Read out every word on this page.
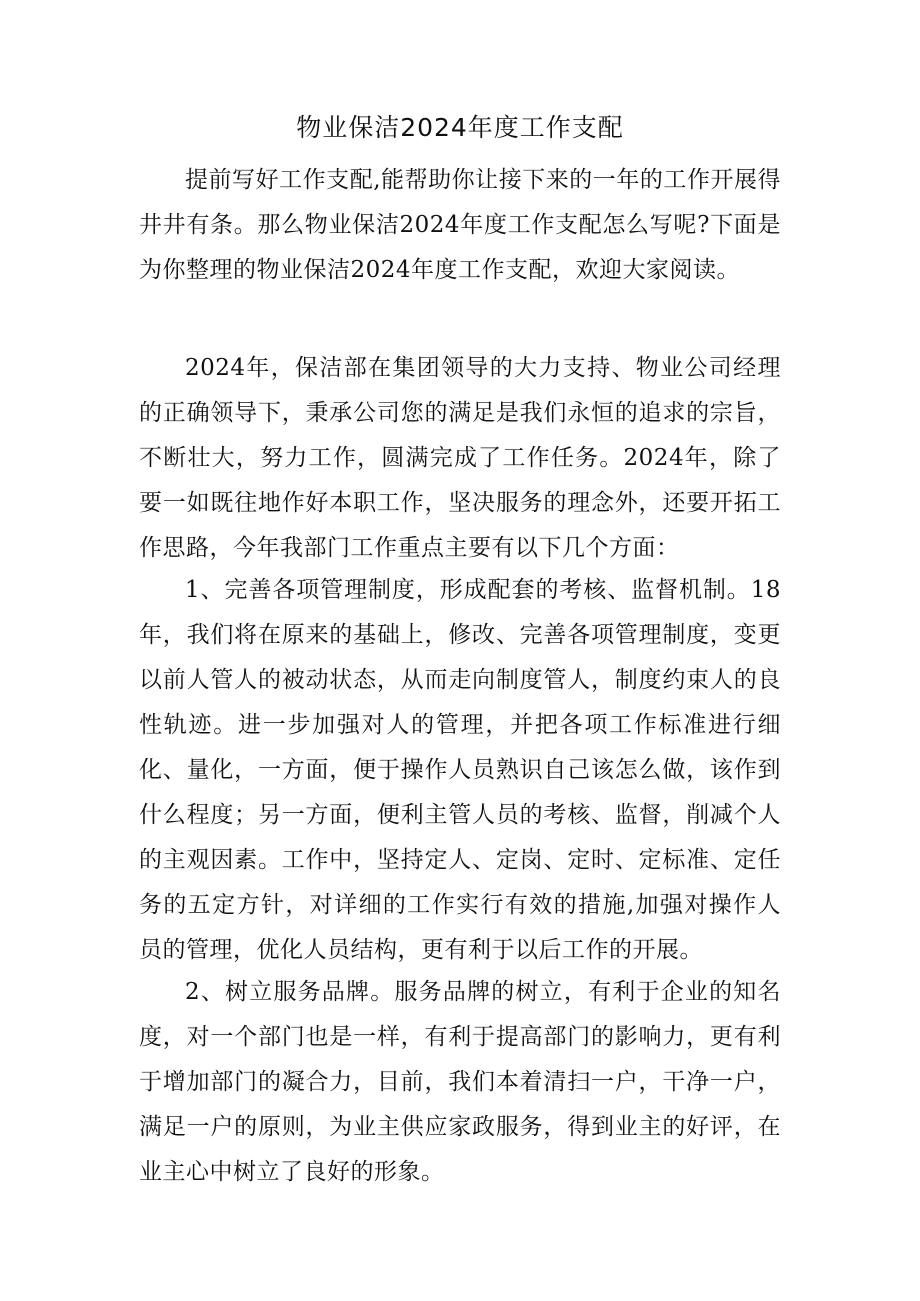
物业保洁2024年度工作支配

提前写好工作支配,能帮助你让接下来的一年的工作开展得井井有条。那么物业保洁2024年度工作支配怎么写呢?下面是为你整理的物业保洁2024年度工作支配，欢迎大家阅读。

2024年，保洁部在集团领导的大力支持、物业公司经理的正确领导下，秉承公司您的满足是我们永恒的追求的宗旨，不断壮大，努力工作，圆满完成了工作任务。2024年，除了要一如既往地作好本职工作，坚决服务的理念外，还要开拓工作思路，今年我部门工作重点主要有以下几个方面：

1、完善各项管理制度，形成配套的考核、监督机制。18年，我们将在原来的基础上，修改、完善各项管理制度，变更以前人管人的被动状态，从而走向制度管人，制度约束人的良性轨迹。进一步加强对人的管理，并把各项工作标准进行细化、量化，一方面，便于操作人员熟识自己该怎么做，该作到什么程度；另一方面，便利主管人员的考核、监督，削减个人的主观因素。工作中，坚持定人、定岗、定时、定标准、定任务的五定方针，对详细的工作实行有效的措施,加强对操作人员的管理，优化人员结构，更有利于以后工作的开展。

2、树立服务品牌。服务品牌的树立，有利于企业的知名度，对一个部门也是一样，有利于提高部门的影响力，更有利于增加部门的凝合力，目前，我们本着清扫一户，干净一户，满足一户的原则，为业主供应家政服务，得到业主的好评，在业主心中树立了良好的形象。
